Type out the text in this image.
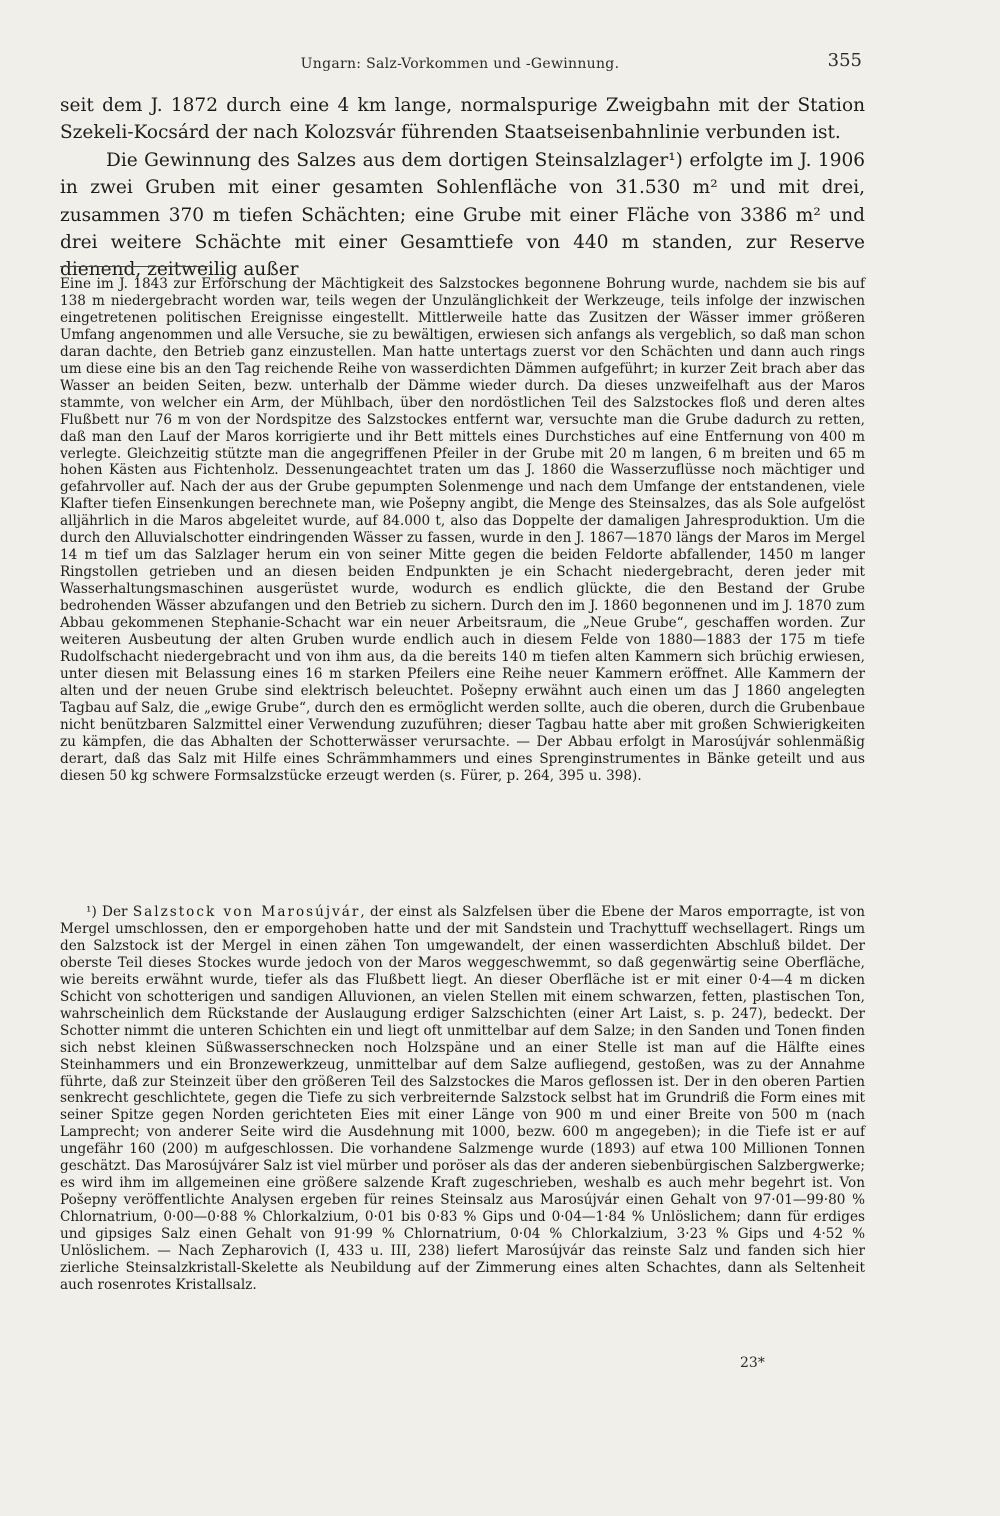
Ungarn: Salz-Vorkommen und -Gewinnung.	355

seit dem J. 1872 durch eine 4 km lange, normalspurige Zweigbahn mit der Station Szekeli-Kocsárd der nach Kolozsvár führenden Staatseisenbahnlinie verbunden ist.

Die Gewinnung des Salzes aus dem dortigen Steinsalzlager¹) erfolgte im J. 1906 in zwei Gruben mit einer gesamten Sohlenfläche von 31.530 m² und mit drei, zusammen 370 m tiefen Schächten; eine Grube mit einer Fläche von 3386 m² und drei weitere Schächte mit einer Gesamttiefe von 440 m standen, zur Reserve dienend, zeitweilig außer

Eine im J. 1843 zur Erforschung der Mächtigkeit des Salzstockes begonnene Bohrung wurde, nachdem sie bis auf 138 m niedergebracht worden war, teils wegen der Unzulänglichkeit der Werkzeuge, teils infolge der inzwischen eingetretenen politischen Ereignisse eingestellt. Mittlerweile hatte das Zusitzen der Wässer immer größeren Umfang angenommen und alle Versuche, sie zu bewältigen, erwiesen sich anfangs als vergeblich, so daß man schon daran dachte, den Betrieb ganz einzustellen. Man hatte untertags zuerst vor den Schächten und dann auch rings um diese eine bis an den Tag reichende Reihe von wasserdichten Dämmen aufgeführt; in kurzer Zeit brach aber das Wasser an beiden Seiten, bezw. unterhalb der Dämme wieder durch. Da dieses unzweifelhaft aus der Maros stammte, von welcher ein Arm, der Mühlbach, über den nordöstlichen Teil des Salzstockes floß und deren altes Flußbett nur 76 m von der Nordspitze des Salzstockes entfernt war, versuchte man die Grube dadurch zu retten, daß man den Lauf der Maros korrigierte und ihr Bett mittels eines Durchstiches auf eine Entfernung von 400 m verlegte. Gleichzeitig stützte man die angegriffenen Pfeiler in der Grube mit 20 m langen, 6 m breiten und 65 m hohen Kästen aus Fichtenholz. Dessenungeachtet traten um das J. 1860 die Wasserzuflüsse noch mächtiger und gefahrvoller auf. Nach der aus der Grube gepumpten Solenmenge und nach dem Umfange der entstandenen, viele Klafter tiefen Einsenkungen berechnete man, wie Pošepny angibt, die Menge des Steinsalzes, das als Sole aufgelöst alljährlich in die Maros abgeleitet wurde, auf 84.000 t, also das Doppelte der damaligen Jahresproduktion. Um die durch den Alluvialschotter eindringenden Wässer zu fassen, wurde in den J. 1867—1870 längs der Maros im Mergel 14 m tief um das Salzlager herum ein von seiner Mitte gegen die beiden Feldorte abfallender, 1450 m langer Ringstollen getrieben und an diesen beiden Endpunkten je ein Schacht niedergebracht, deren jeder mit Wasserhaltungsmaschinen ausgerüstet wurde, wodurch es endlich glückte, die den Bestand der Grube bedrohenden Wässer abzufangen und den Betrieb zu sichern. Durch den im J. 1860 begonnenen und im J. 1870 zum Abbau gekommenen Stephanie-Schacht war ein neuer Arbeitsraum, die „Neue Grube“, geschaffen worden. Zur weiteren Ausbeutung der alten Gruben wurde endlich auch in diesem Felde von 1880—1883 der 175 m tiefe Rudolfschacht niedergebracht und von ihm aus, da die bereits 140 m tiefen alten Kammern sich brüchig erwiesen, unter diesen mit Belassung eines 16 m starken Pfeilers eine Reihe neuer Kammern eröffnet. Alle Kammern der alten und der neuen Grube sind elektrisch beleuchtet. Pošepny erwähnt auch einen um das J 1860 angelegten Tagbau auf Salz, die „ewige Grube“, durch den es ermöglicht werden sollte, auch die oberen, durch die Grubenbaue nicht benützbaren Salzmittel einer Verwendung zuzuführen; dieser Tagbau hatte aber mit großen Schwierigkeiten zu kämpfen, die das Abhalten der Schotterwässer verursachte. — Der Abbau erfolgt in Marosújvár sohlenmäßig derart, daß das Salz mit Hilfe eines Schrämmhammers und eines Sprenginstrumentes in Bänke geteilt und aus diesen 50 kg schwere Formsalzstücke erzeugt werden (s. Fürer, p. 264, 395 u. 398).

¹) Der Salzstock von Marosújvár, der einst als Salzfelsen über die Ebene der Maros emporragte, ist von Mergel umschlossen, den er emporgehoben hatte und der mit Sandstein und Trachyttuff wechsellagert. Rings um den Salzstock ist der Mergel in einen zähen Ton umgewandelt, der einen wasserdichten Abschluß bildet. Der oberste Teil dieses Stockes wurde jedoch von der Maros weggeschwemmt, so daß gegenwärtig seine Oberfläche, wie bereits erwähnt wurde, tiefer als das Flußbett liegt. An dieser Oberfläche ist er mit einer 0·4—4 m dicken Schicht von schotterigen und sandigen Alluvionen, an vielen Stellen mit einem schwarzen, fetten, plastischen Ton, wahrscheinlich dem Rückstande der Auslaugung erdiger Salzschichten (einer Art Laist, s. p. 247), bedeckt. Der Schotter nimmt die unteren Schichten ein und liegt oft unmittelbar auf dem Salze; in den Sanden und Tonen finden sich nebst kleinen Süßwasserschnecken noch Holzspäne und an einer Stelle ist man auf die Hälfte eines Steinhammers und ein Bronzewerkzeug, unmittelbar auf dem Salze aufliegend, gestoßen, was zu der Annahme führte, daß zur Steinzeit über den größeren Teil des Salzstockes die Maros geflossen ist. Der in den oberen Partien senkrecht geschlichtete, gegen die Tiefe zu sich verbreiternde Salzstock selbst hat im Grundriß die Form eines mit seiner Spitze gegen Norden gerichteten Eies mit einer Länge von 900 m und einer Breite von 500 m (nach Lamprecht; von anderer Seite wird die Ausdehnung mit 1000, bezw. 600 m angegeben); in die Tiefe ist er auf ungefähr 160 (200) m aufgeschlossen. Die vorhandene Salzmenge wurde (1893) auf etwa 100 Millionen Tonnen geschätzt. Das Marosújvárer Salz ist viel mürber und poröser als das der anderen siebenbürgischen Salzbergwerke; es wird ihm im allgemeinen eine größere salzende Kraft zugeschrieben, weshalb es auch mehr begehrt ist. Von Pošepny veröffentlichte Analysen ergeben für reines Steinsalz aus Marosújvár einen Gehalt von 97·01—99·80 % Chlornatrium, 0·00—0·88 % Chlorkalzium, 0·01 bis 0·83 % Gips und 0·04—1·84 % Unlöslichem; dann für erdiges und gipsiges Salz einen Gehalt von 91·99 % Chlornatrium, 0·04 % Chlorkalzium, 3·23 % Gips und 4·52 % Unlöslichem. — Nach Zepharovich (I, 433 u. III, 238) liefert Marosújvár das reinste Salz und fanden sich hier zierliche Steinsalzkristall-Skelette als Neubildung auf der Zimmerung eines alten Schachtes, dann als Seltenheit auch rosenrotes Kristallsalz.

23*
